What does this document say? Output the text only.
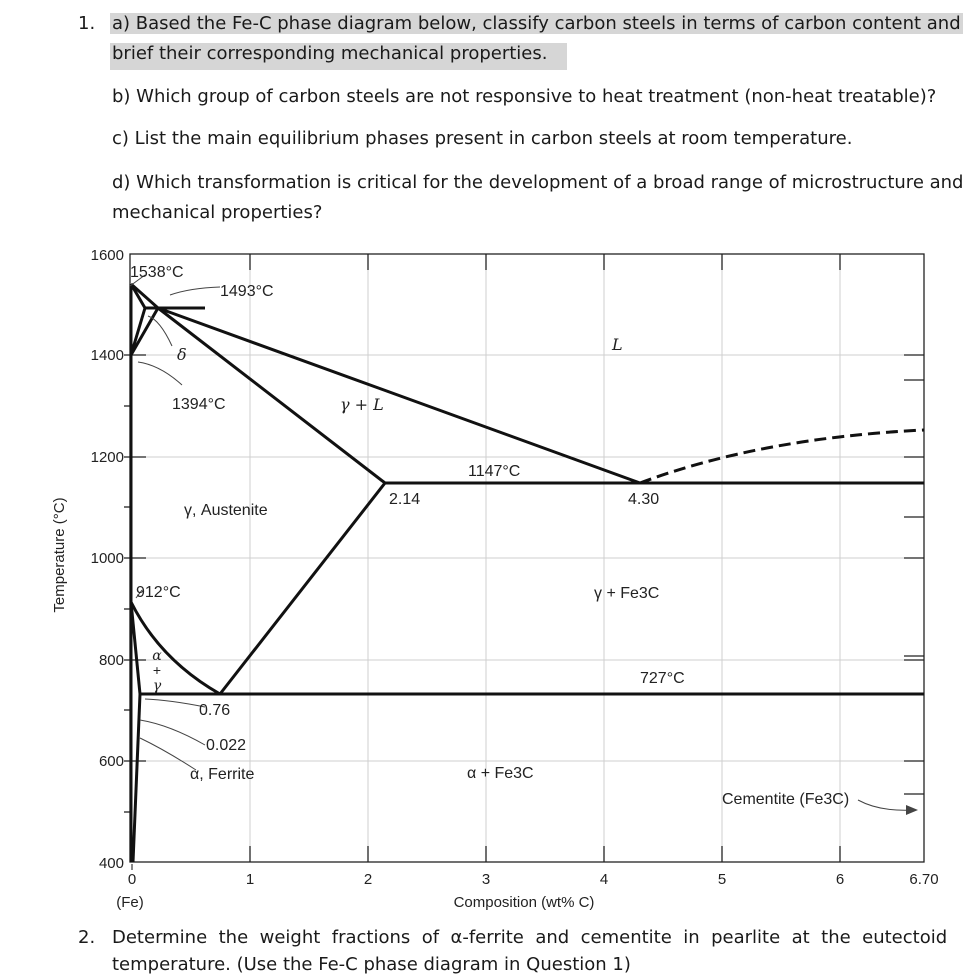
1. a) Based the Fe-C phase diagram below, classify carbon steels in terms of carbon content and
brief their corresponding mechanical properties.
b) Which group of carbon steels are not responsive to heat treatment (non-heat treatable)?
c) List the main equilibrium phases present in carbon steels at room temperature.
d) Which transformation is critical for the development of a broad range of microstructure and
mechanical properties?
1600
1400
1200
1000
800
600
400
0	1	2	3	4	5	6	6.70
(Fe)	Composition (wt% C)
Temperature (°C)
1538°C
1493°C
δ
L
1394°C	γ + L
1147°C
2.14	4.30
γ, Austenite
912°C	γ + Fe3C
α
+
γ	727°C
0.76
0.022
α, Ferrite	α + Fe3C
Cementite (Fe3C)
2. Determine  the  weight  fractions  of  α-ferrite  and  cementite  in  pearlite  at  the  eutectoid
temperature. (Use the Fe-C phase diagram in Question 1)
